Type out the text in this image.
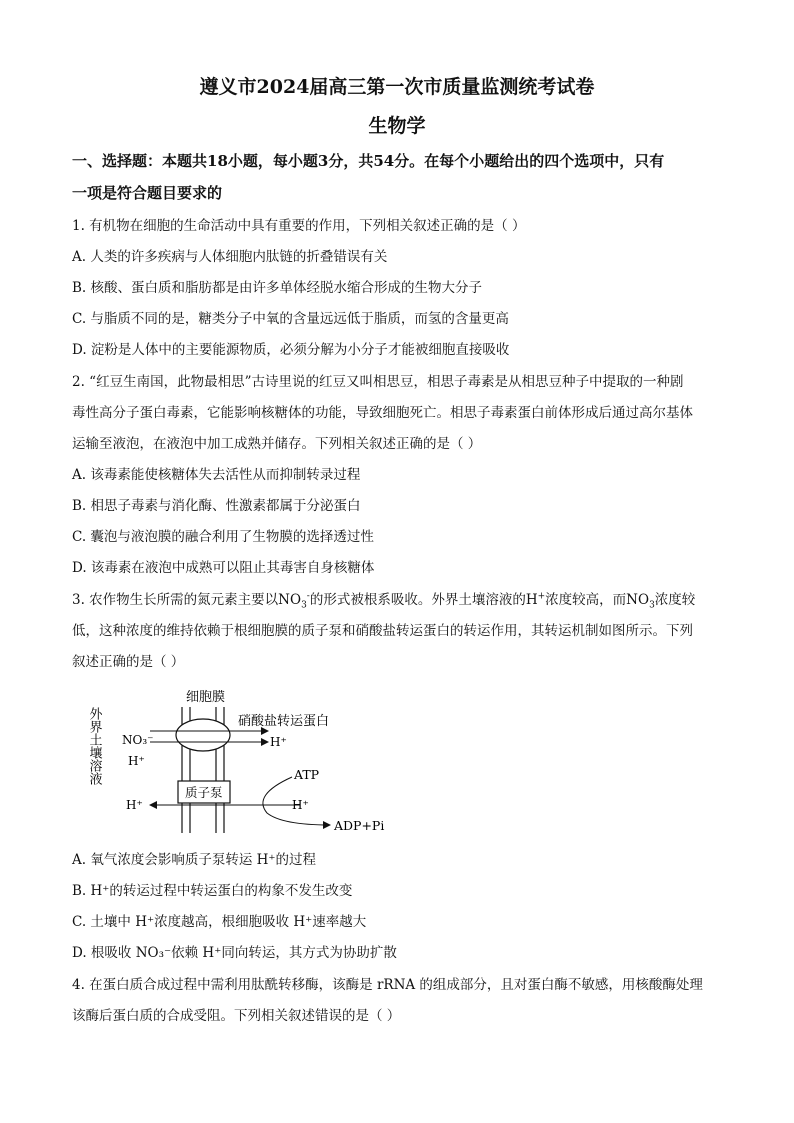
遵义市2024届高三第一次市质量监测统考试卷
生物学
一、选择题：本题共18小题，每小题3分，共54分。在每个小题给出的四个选项中，只有
一项是符合题目要求的
1. 有机物在细胞的生命活动中具有重要的作用，下列相关叙述正确的是（ ）
A. 人类的许多疾病与人体细胞内肽链的折叠错误有关
B. 核酸、蛋白质和脂肪都是由许多单体经脱水缩合形成的生物大分子
C. 与脂质不同的是，糖类分子中氧的含量远远低于脂质，而氢的含量更高
D. 淀粉是人体中的主要能源物质，必须分解为小分子才能被细胞直接吸收
2. “红豆生南国，此物最相思”古诗里说的红豆又叫相思豆，相思子毒素是从相思豆种子中提取的一种剧
毒性高分子蛋白毒素，它能影响核糖体的功能，导致细胞死亡。相思子毒素蛋白前体形成后通过高尔基体
运输至液泡，在液泡中加工成熟并储存。下列相关叙述正确的是（ ）
A. 该毒素能使核糖体失去活性从而抑制转录过程
B. 相思子毒素与消化酶、性激素都属于分泌蛋白
C. 囊泡与液泡膜的融合利用了生物膜的选择透过性
D. 该毒素在液泡中成熟可以阻止其毒害自身核糖体
3. 农作物生长所需的氮元素主要以$NO_3^-$的形式被根系吸收。外界土壤溶液的H+浓度较高，而$NO_3$浓度较
低，这种浓度的维持依赖于根细胞膜的质子泵和硝酸盐转运蛋白的转运作用，其转运机制如图所示。下列
叙述正确的是（ ）
细胞膜
硝酸盐转运蛋白
NO₃⁻
H⁺
H⁺
H⁺	H⁺
质子泵
ATP
ADP+Pi
外界土壤溶液
A. 氧气浓度会影响质子泵转运 H⁺的过程
B. H⁺的转运过程中转运蛋白的构象不发生改变
C. 土壤中 H⁺浓度越高，根细胞吸收 H⁺速率越大
D. 根吸收 NO₃⁻依赖 H⁺同向转运，其方式为协助扩散
4. 在蛋白质合成过程中需利用肽酰转移酶，该酶是 rRNA 的组成部分，且对蛋白酶不敏感，用核酸酶处理
该酶后蛋白质的合成受阻。下列相关叙述错误的是（ ）
